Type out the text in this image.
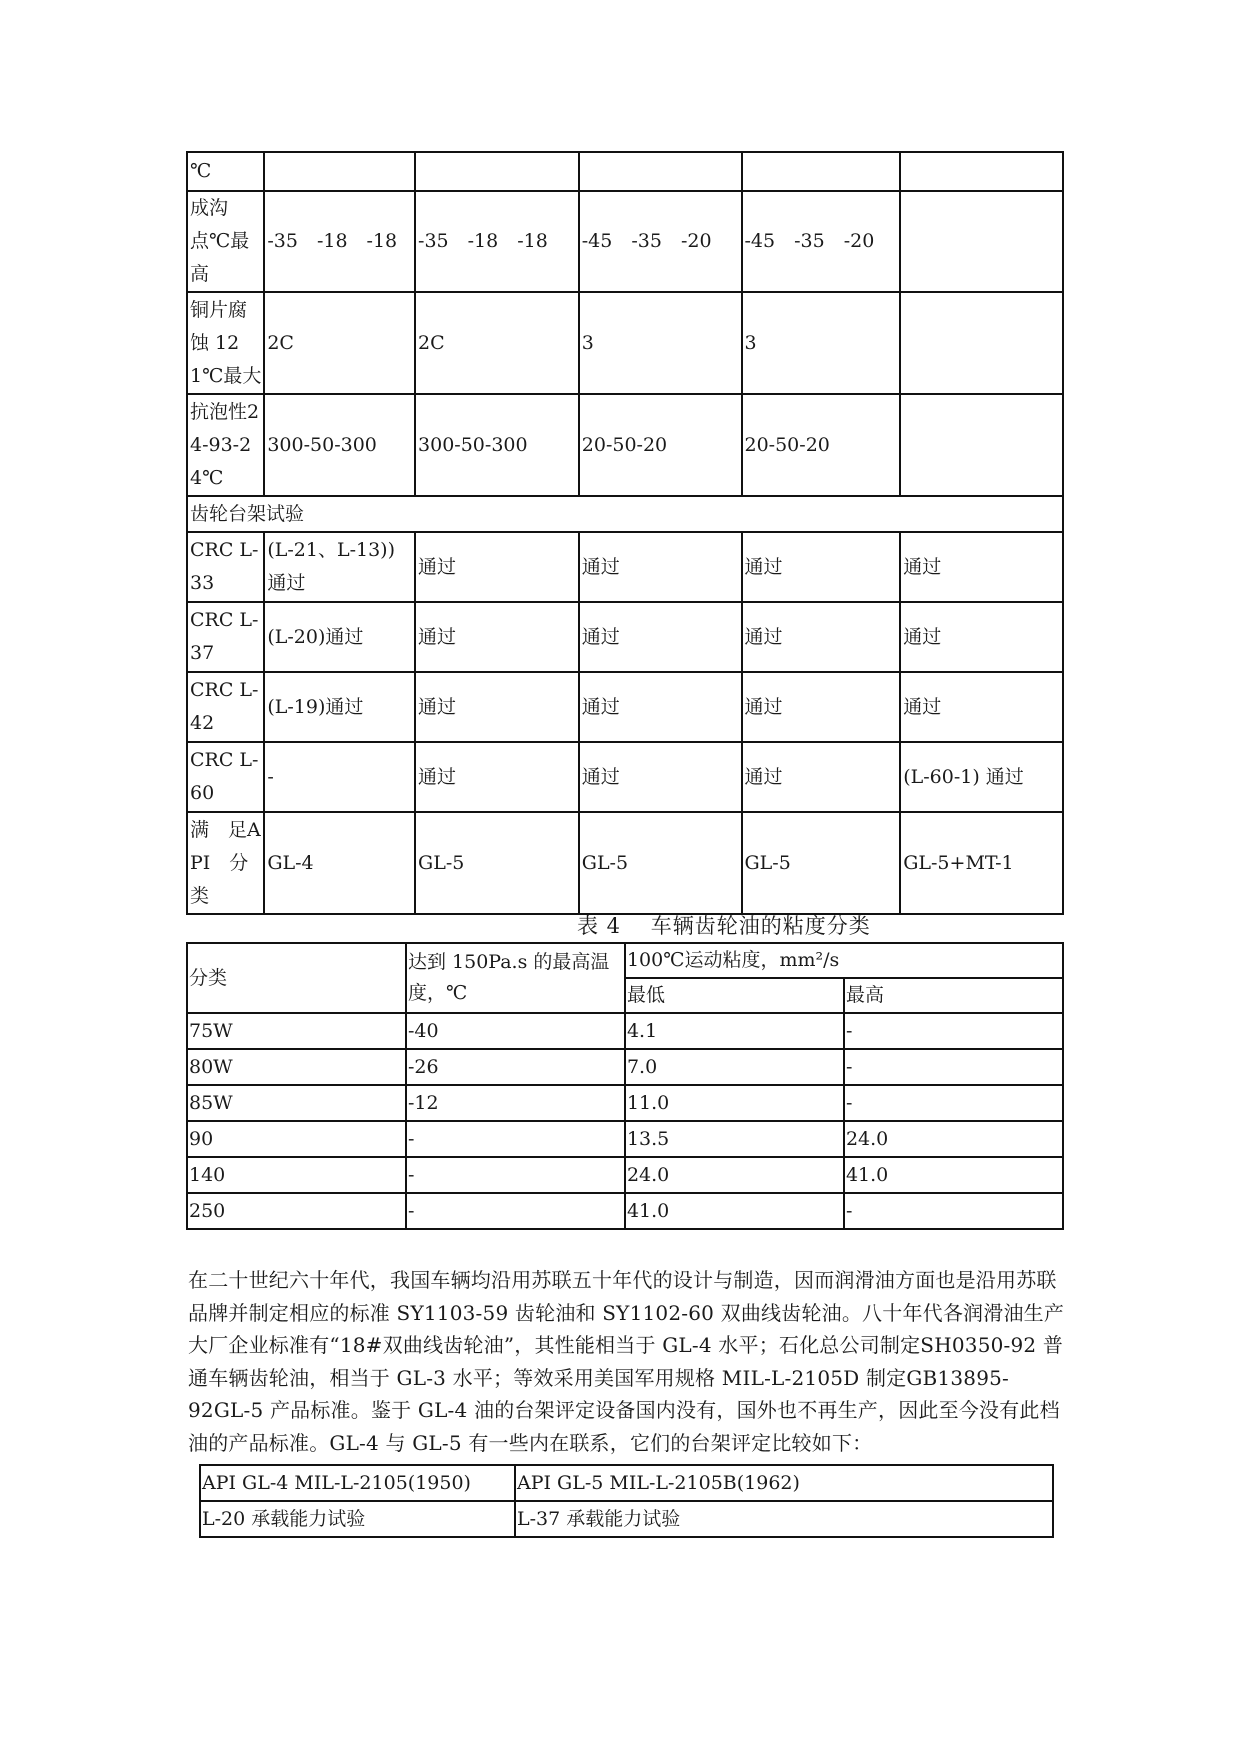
℃					
成沟点℃最高	-35　-18　-18	-35　-18　-18	-45　-35　-20	-45　-35　-20	
铜片腐蚀 121℃最大	2C	2C	3	3	
抗泡性24-93-24℃	300-50-300	300-50-300	20-50-20	20-50-20	
齿轮台架试验					
CRC L-33	(L-21、L-13))通过	通过	通过	通过	通过
CRC L-37	(L-20)通过	通过	通过	通过	通过
CRC L-42	(L-19)通过	通过	通过	通过	通过
CRC L-60	-	通过	通过	通过	(L-60-1) 通过
满　足API　分类	GL-4	GL-5	GL-5	GL-5	GL-5+MT-1
表 4　 车辆齿轮油的粘度分类
分类	达到 150Pa.s 的最高温度，℃	100℃运动粘度，mm²/s	
		最低	最高
75W	-40	4.1	-
80W	-26	7.0	-
85W	-12	11.0	-
90	-	13.5	24.0
140	-	24.0	41.0
250	-	41.0	-

在二十世纪六十年代，我国车辆均沿用苏联五十年代的设计与制造，因而润滑油方面也是沿用苏联品牌并制定相应的标准 SY1103-59 齿轮油和 SY1102-60 双曲线齿轮油。八十年代各润滑油生产大厂企业标准有“18#双曲线齿轮油”，其性能相当于 GL-4 水平；石化总公司制定SH0350-92 普通车辆齿轮油，相当于 GL-3 水平；等效采用美国军用规格 MIL-L-2105D 制定GB13895-92GL-5 产品标准。鉴于 GL-4 油的台架评定设备国内没有，国外也不再生产，因此至今没有此档油的产品标准。GL-4 与 GL-5 有一些内在联系，它们的台架评定比较如下：

API GL-4 MIL-L-2105(1950)	API GL-5 MIL-L-2105B(1962)
L-20 承载能力试验	L-37 承载能力试验
